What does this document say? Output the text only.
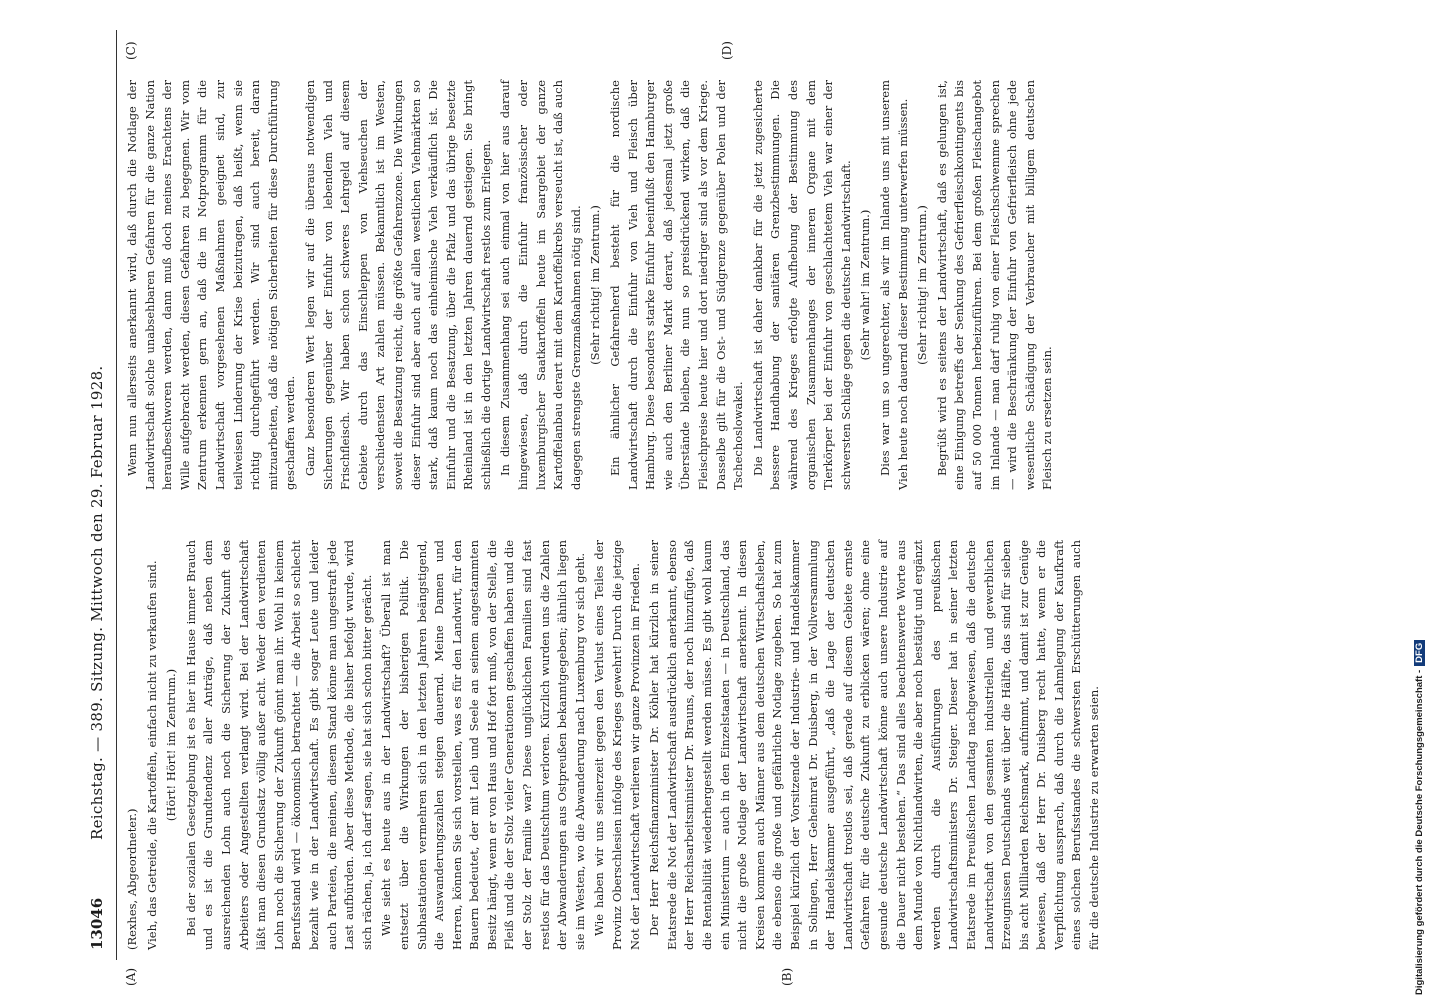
13046
Reichstag. — 389. Sitzung. Mittwoch den 29. Februar 1928.

(Rexhes, Abgeordneter.) Vieh, das Getreide, die Kartoffeln, einfach nicht zu verkaufen sind. (Hört! Hört! im Zentrum.) Bei der sozialen Gesetzgebung ist es hier im Hause immer Brauch und es ist die Grundtendenz aller Anträge, daß neben dem ausreichenden Lohn auch noch die Sicherung der Zukunft des Arbeiters oder Angestellten verlangt wird. Bei der Landwirtschaft läßt man diesen Grundsatz völlig außer acht. Weder den verdienten Lohn noch die Sicherung der Zukunft gönnt man ihr. Wohl in keinem Berufsstand wird — ökonomisch betrachtet — die Arbeit so schlecht bezahlt wie in der Landwirtschaft. Es gibt sogar Leute und leider auch Parteien, die meinen, diesem Stand könne man ungestraft jede Last aufbürden. Aber diese Methode, die bisher befolgt wurde, wird sich rächen, ja, ich darf sagen, sie hat sich schon bitter gerächt. Wie sieht es heute aus in der Landwirtschaft? Überall ist man entsetzt über die Wirkungen der bisherigen Politik. Die Subhastationen vermehren sich in den letzten Jahren beängstigend, die Auswanderungszahlen steigen dauernd. Meine Damen und Herren, können Sie sich vorstellen, was es für den Landwirt, für den Bauern bedeutet, der mit Leib und Seele an seinem angestammten Besitz hängt, wenn er von Haus und Hof fort muß, von der Stelle, die Fleiß und die der Stolz vieler Generationen geschaffen haben und die der Stolz der Familie war? Diese unglücklichen Familien sind fast restlos für das Deutschtum verloren. Kürzlich wurden uns die Zahlen der Abwanderungen aus Ostpreußen bekanntgegeben; ähnlich liegen sie im Westen, wo die Abwanderung nach Luxemburg vor sich geht. Wie haben wir uns seinerzeit gegen den Verlust eines Teiles der Provinz Oberschlesien infolge des Krieges gewehrt! Durch die jetzige Not der Landwirtschaft verlieren wir ganze Provinzen im Frieden. Der Herr Reichsfinanzminister Dr. Köhler hat kürzlich in seiner Etatsrede die Not der Landwirtschaft ausdrücklich anerkannt, ebenso der Herr Reichsarbeitsminister Dr. Brauns, der noch hinzufügte, daß die Rentabilität wiederhergestellt werden müsse. Es gibt wohl kaum ein Ministerium — auch in den Einzelstaaten — in Deutschland, das nicht die große Notlage der Landwirtschaft anerkennt. In diesen Kreisen kommen auch Männer aus dem deutschen Wirtschaftsleben, die ebenso die große und gefährliche Notlage zugeben. So hat zum Beispiel kürzlich der Vorsitzende der Industrie- und Handelskammer in Solingen, Herr Geheimrat Dr. Duisberg, in der Vollversammlung der Handelskammer ausgeführt, „daß die Lage der deutschen Landwirtschaft trostlos sei, daß gerade auf diesem Gebiete ernste Gefahren für die deutsche Zukunft zu erblicken wären; ohne eine gesunde deutsche Landwirtschaft könne auch unsere Industrie auf die Dauer nicht bestehen.“ Das sind alles beachtenswerte Worte aus dem Munde von Nichtlandwirten, die aber noch bestätigt und ergänzt werden durch die Ausführungen des preußischen Landwirtschaftsministers Dr. Steiger. Dieser hat in seiner letzten Etatsrede im Preußischen Landtag nachgewiesen, daß die deutsche Landwirtschaft von den gesamten industriellen und gewerblichen Erzeugnissen Deutschlands weit über die Hälfte, das sind für sieben bis acht Milliarden Reichsmark, aufnimmt, und damit ist zur Genüge bewiesen, daß der Herr Dr. Duisberg recht hatte, wenn er die Verpflichtung aussprach, daß durch die Lahmlegung der Kaufkraft eines solchen Berufsstandes die schwersten Erschütterungen auch für die deutsche Industrie zu erwarten seien.

Wenn nun allerseits anerkannt wird, daß durch die Notlage der Landwirtschaft solche unabsehbaren Gefahren für die ganze Nation heraufbeschworen werden, dann muß doch meines Erachtens der Wille aufgebracht werden, diesen Gefahren zu begegnen. Wir vom Zentrum erkennen gern an, daß die im Notprogramm für die Landwirtschaft vorgesehenen Maßnahmen geeignet sind, zur teilweisen Linderung der Krise beizutragen, daß heißt, wenn sie richtig durchgeführt werden. Wir sind auch bereit, daran mitzuarbeiten, daß die nötigen Sicherheiten für diese Durchführung geschaffen werden. Ganz besonderen Wert legen wir auf die überaus notwendigen Sicherungen gegenüber der Einfuhr von lebendem Vieh und Frischfleisch. Wir haben schon schweres Lehrgeld auf diesem Gebiete durch das Einschleppen von Viehseuchen der verschiedensten Art zahlen müssen. Bekanntlich ist im Westen, soweit die Besatzung reicht, die größte Gefahrenzone. Die Wirkungen dieser Einfuhr sind aber auch auf allen westlichen Viehmärkten so stark, daß kaum noch das einheimische Vieh verkäuflich ist. Die Einfuhr und die Besatzung, über die Pfalz und das übrige besetzte Rheinland ist in den letzten Jahren dauernd gestiegen. Sie bringt schließlich die dortige Landwirtschaft restlos zum Erliegen. In diesem Zusammenhang sei auch einmal von hier aus darauf hingewiesen, daß durch die Einfuhr französischer oder luxemburgischer Saatkartoffeln heute im Saargebiet der ganze Kartoffelanbau derart mit dem Kartoffelkrebs verseucht ist, daß auch dagegen strengste Grenzmaßnahmen nötig sind. (Sehr richtig! im Zentrum.) Ein ähnlicher Gefahrenherd besteht für die nordische Landwirtschaft durch die Einfuhr von Vieh und Fleisch über Hamburg. Diese besonders starke Einfuhr beeinflußt den Hamburger wie auch den Berliner Markt derart, daß jedesmal jetzt große Überstände bleiben, die nun so preisdrückend wirken, daß die Fleischpreise heute hier und dort niedriger sind als vor dem Kriege. Dasselbe gilt für die Ost- und Südgrenze gegenüber Polen und der Tschechoslowakei. Die Landwirtschaft ist daher dankbar für die jetzt zugesicherte bessere Handhabung der sanitären Grenzbestimmungen. Die während des Krieges erfolgte Aufhebung der Bestimmung des organischen Zusammenhanges der inneren Organe mit dem Tierkörper bei der Einfuhr von geschlachtetem Vieh war einer der schwersten Schläge gegen die deutsche Landwirtschaft. (Sehr wahr! im Zentrum.) Dies war um so ungerechter, als wir im Inlande uns mit unserem Vieh heute noch dauernd dieser Bestimmung unterwerfen müssen. (Sehr richtig! im Zentrum.) Begrüßt wird es seitens der Landwirtschaft, daß es gelungen ist, eine Einigung betreffs der Senkung des Gefrierfleischkontingents bis auf 50 000 Tonnen herbeizuführen. Bei dem großen Fleischangebot im Inlande — man darf ruhig von einer Fleischschwemme sprechen — wird die Beschränkung der Einfuhr von Gefrierfleisch ohne jede wesentliche Schädigung der Verbraucher mit billigem deutschen Fleisch zu ersetzen sein.

(A)	(B)
(C)	(D)
Digitalisierung gefördert durch die Deutsche Forschungsgemeinschaft -DFG
